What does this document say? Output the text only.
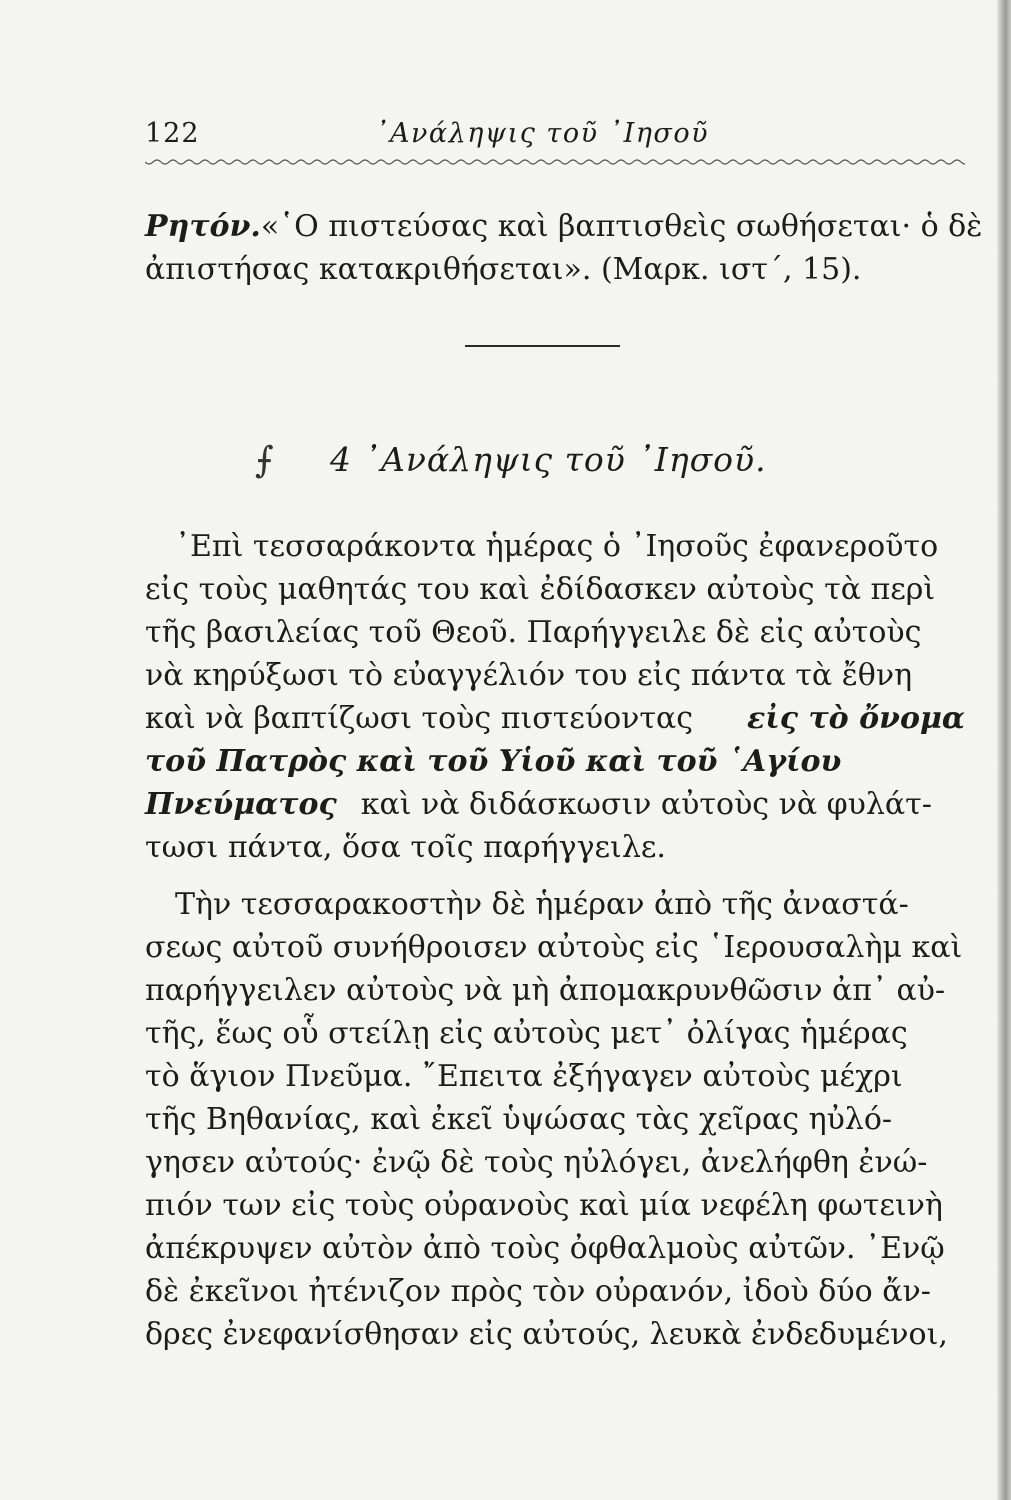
122	᾿Ανάληψις τοῦ ᾿Ιησοῦ
Ρητόν. «῾Ο πιστεύσας καὶ βαπτισθεὶς σωθήσεται· ὁ δὲ
ἀπιστήσας κατακριθήσεται». (Μαρκ. ιστ΄, 15).
⨍ 4 ᾿Ανάληψις τοῦ ᾿Ιησοῦ.
᾿Επὶ τεσσαράκοντα ἡμέρας ὁ ᾿Ιησοῦς ἐφανεροῦτο
εἰς τοὺς μαθητάς του καὶ ἐδίδασκεν αὐτοὺς τὰ περὶ
τῆς βασιλείας τοῦ Θεοῦ. Παρήγγειλε δὲ εἰς αὐτοὺς
νὰ κηρύξωσι τὸ εὐαγγέλιόν του εἰς πάντα τὰ ἔθνη
καὶ νὰ βαπτίζωσι τοὺς πιστεύοντας εἰς τὸ ὄνομα
τοῦ Πατρὸς καὶ τοῦ Υἱοῦ καὶ τοῦ ῾Αγίου
Πνεύματος καὶ νὰ διδάσκωσιν αὐτοὺς νὰ φυλάτ-
τωσι πάντα, ὅσα τοῖς παρήγγειλε.
Τὴν τεσσαρακοστὴν δὲ ἡμέραν ἀπὸ τῆς ἀναστά-
σεως αὐτοῦ συνήθροισεν αὐτοὺς εἰς ῾Ιερουσαλὴμ καὶ
παρήγγειλεν αὐτοὺς νὰ μὴ ἀπομακρυνθῶσιν ἀπ᾿ αὐ-
τῆς, ἕως οὗ στείλῃ εἰς αὐτοὺς μετ᾿ ὀλίγας ἡμέρας
τὸ ἅγιον Πνεῦμα. ῎Επειτα ἐξήγαγεν αὐτοὺς μέχρι
τῆς Βηθανίας, καὶ ἐκεῖ ὑψώσας τὰς χεῖρας ηὐλό-
γησεν αὐτούς· ἐνῷ δὲ τοὺς ηὐλόγει, ἀνελήφθη ἐνώ-
πιόν των εἰς τοὺς οὐρανοὺς καὶ μία νεφέλη φωτεινὴ
ἀπέκρυψεν αὐτὸν ἀπὸ τοὺς ὀφθαλμοὺς αὐτῶν. ᾿Ενῷ
δὲ ἐκεῖνοι ἠτένιζον πρὸς τὸν οὐρανόν, ἰδοὺ δύο ἄν-
δρες ἐνεφανίσθησαν εἰς αὐτούς, λευκὰ ἐνδεδυμένοι,
